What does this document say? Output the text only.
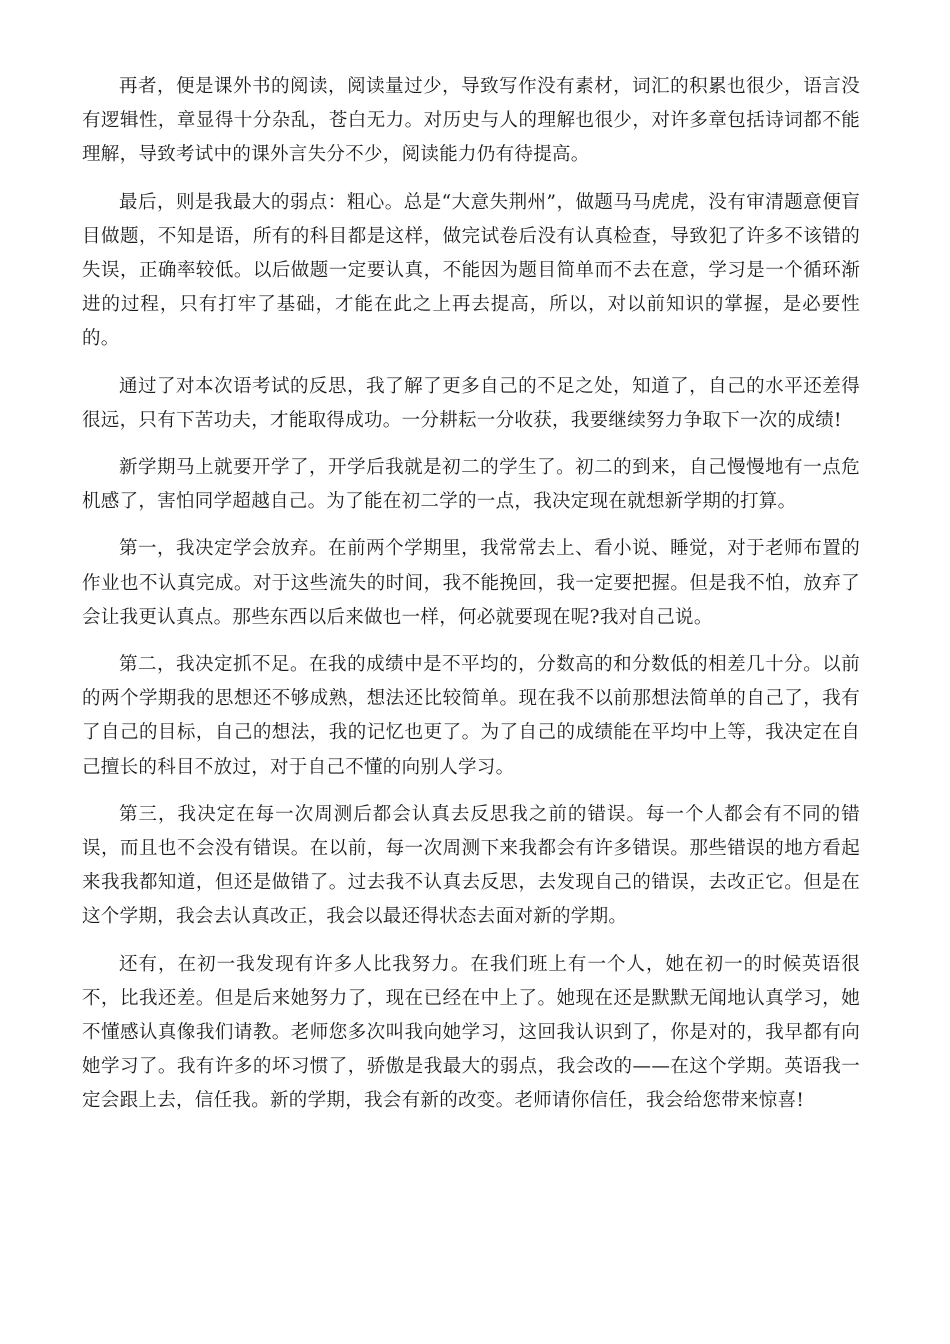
再者，便是课外书的阅读，阅读量过少，导致写作没有素材，词汇的积累也很少，语言没有逻辑性，章显得十分杂乱，苍白无力。对历史与人的理解也很少，对许多章包括诗词都不能理解，导致考试中的课外言失分不少，阅读能力仍有待提高。

最后，则是我最大的弱点：粗心。总是“大意失荆州”，做题马马虎虎，没有审清题意便盲目做题，不知是语，所有的科目都是这样，做完试卷后没有认真检查，导致犯了许多不该错的失误，正确率较低。以后做题一定要认真，不能因为题目简单而不去在意，学习是一个循环渐进的过程，只有打牢了基础，才能在此之上再去提高，所以，对以前知识的掌握，是必要性的。

通过了对本次语考试的反思，我了解了更多自己的不足之处，知道了，自己的水平还差得很远，只有下苦功夫，才能取得成功。一分耕耘一分收获，我要继续努力争取下一次的成绩!

新学期马上就要开学了，开学后我就是初二的学生了。初二的到来，自己慢慢地有一点危机感了，害怕同学超越自己。为了能在初二学的一点，我决定现在就想新学期的打算。

第一，我决定学会放弃。在前两个学期里，我常常去上、看小说、睡觉，对于老师布置的作业也不认真完成。对于这些流失的时间，我不能挽回，我一定要把握。但是我不怕，放弃了会让我更认真点。那些东西以后来做也一样，何必就要现在呢?我对自己说。

第二，我决定抓不足。在我的成绩中是不平均的，分数高的和分数低的相差几十分。以前的两个学期我的思想还不够成熟，想法还比较简单。现在我不以前那想法简单的自己了，我有了自己的目标，自己的想法，我的记忆也更了。为了自己的成绩能在平均中上等，我决定在自己擅长的科目不放过，对于自己不懂的向别人学习。

第三，我决定在每一次周测后都会认真去反思我之前的错误。每一个人都会有不同的错误，而且也不会没有错误。在以前，每一次周测下来我都会有许多错误。那些错误的地方看起来我我都知道，但还是做错了。过去我不认真去反思，去发现自己的错误，去改正它。但是在这个学期，我会去认真改正，我会以最还得状态去面对新的学期。

还有，在初一我发现有许多人比我努力。在我们班上有一个人，她在初一的时候英语很不，比我还差。但是后来她努力了，现在已经在中上了。她现在还是默默无闻地认真学习，她不懂感认真像我们请教。老师您多次叫我向她学习，这回我认识到了，你是对的，我早都有向她学习了。我有许多的坏习惯了，骄傲是我最大的弱点，我会改的——在这个学期。英语我一定会跟上去，信任我。新的学期，我会有新的改变。老师请你信任，我会给您带来惊喜!
